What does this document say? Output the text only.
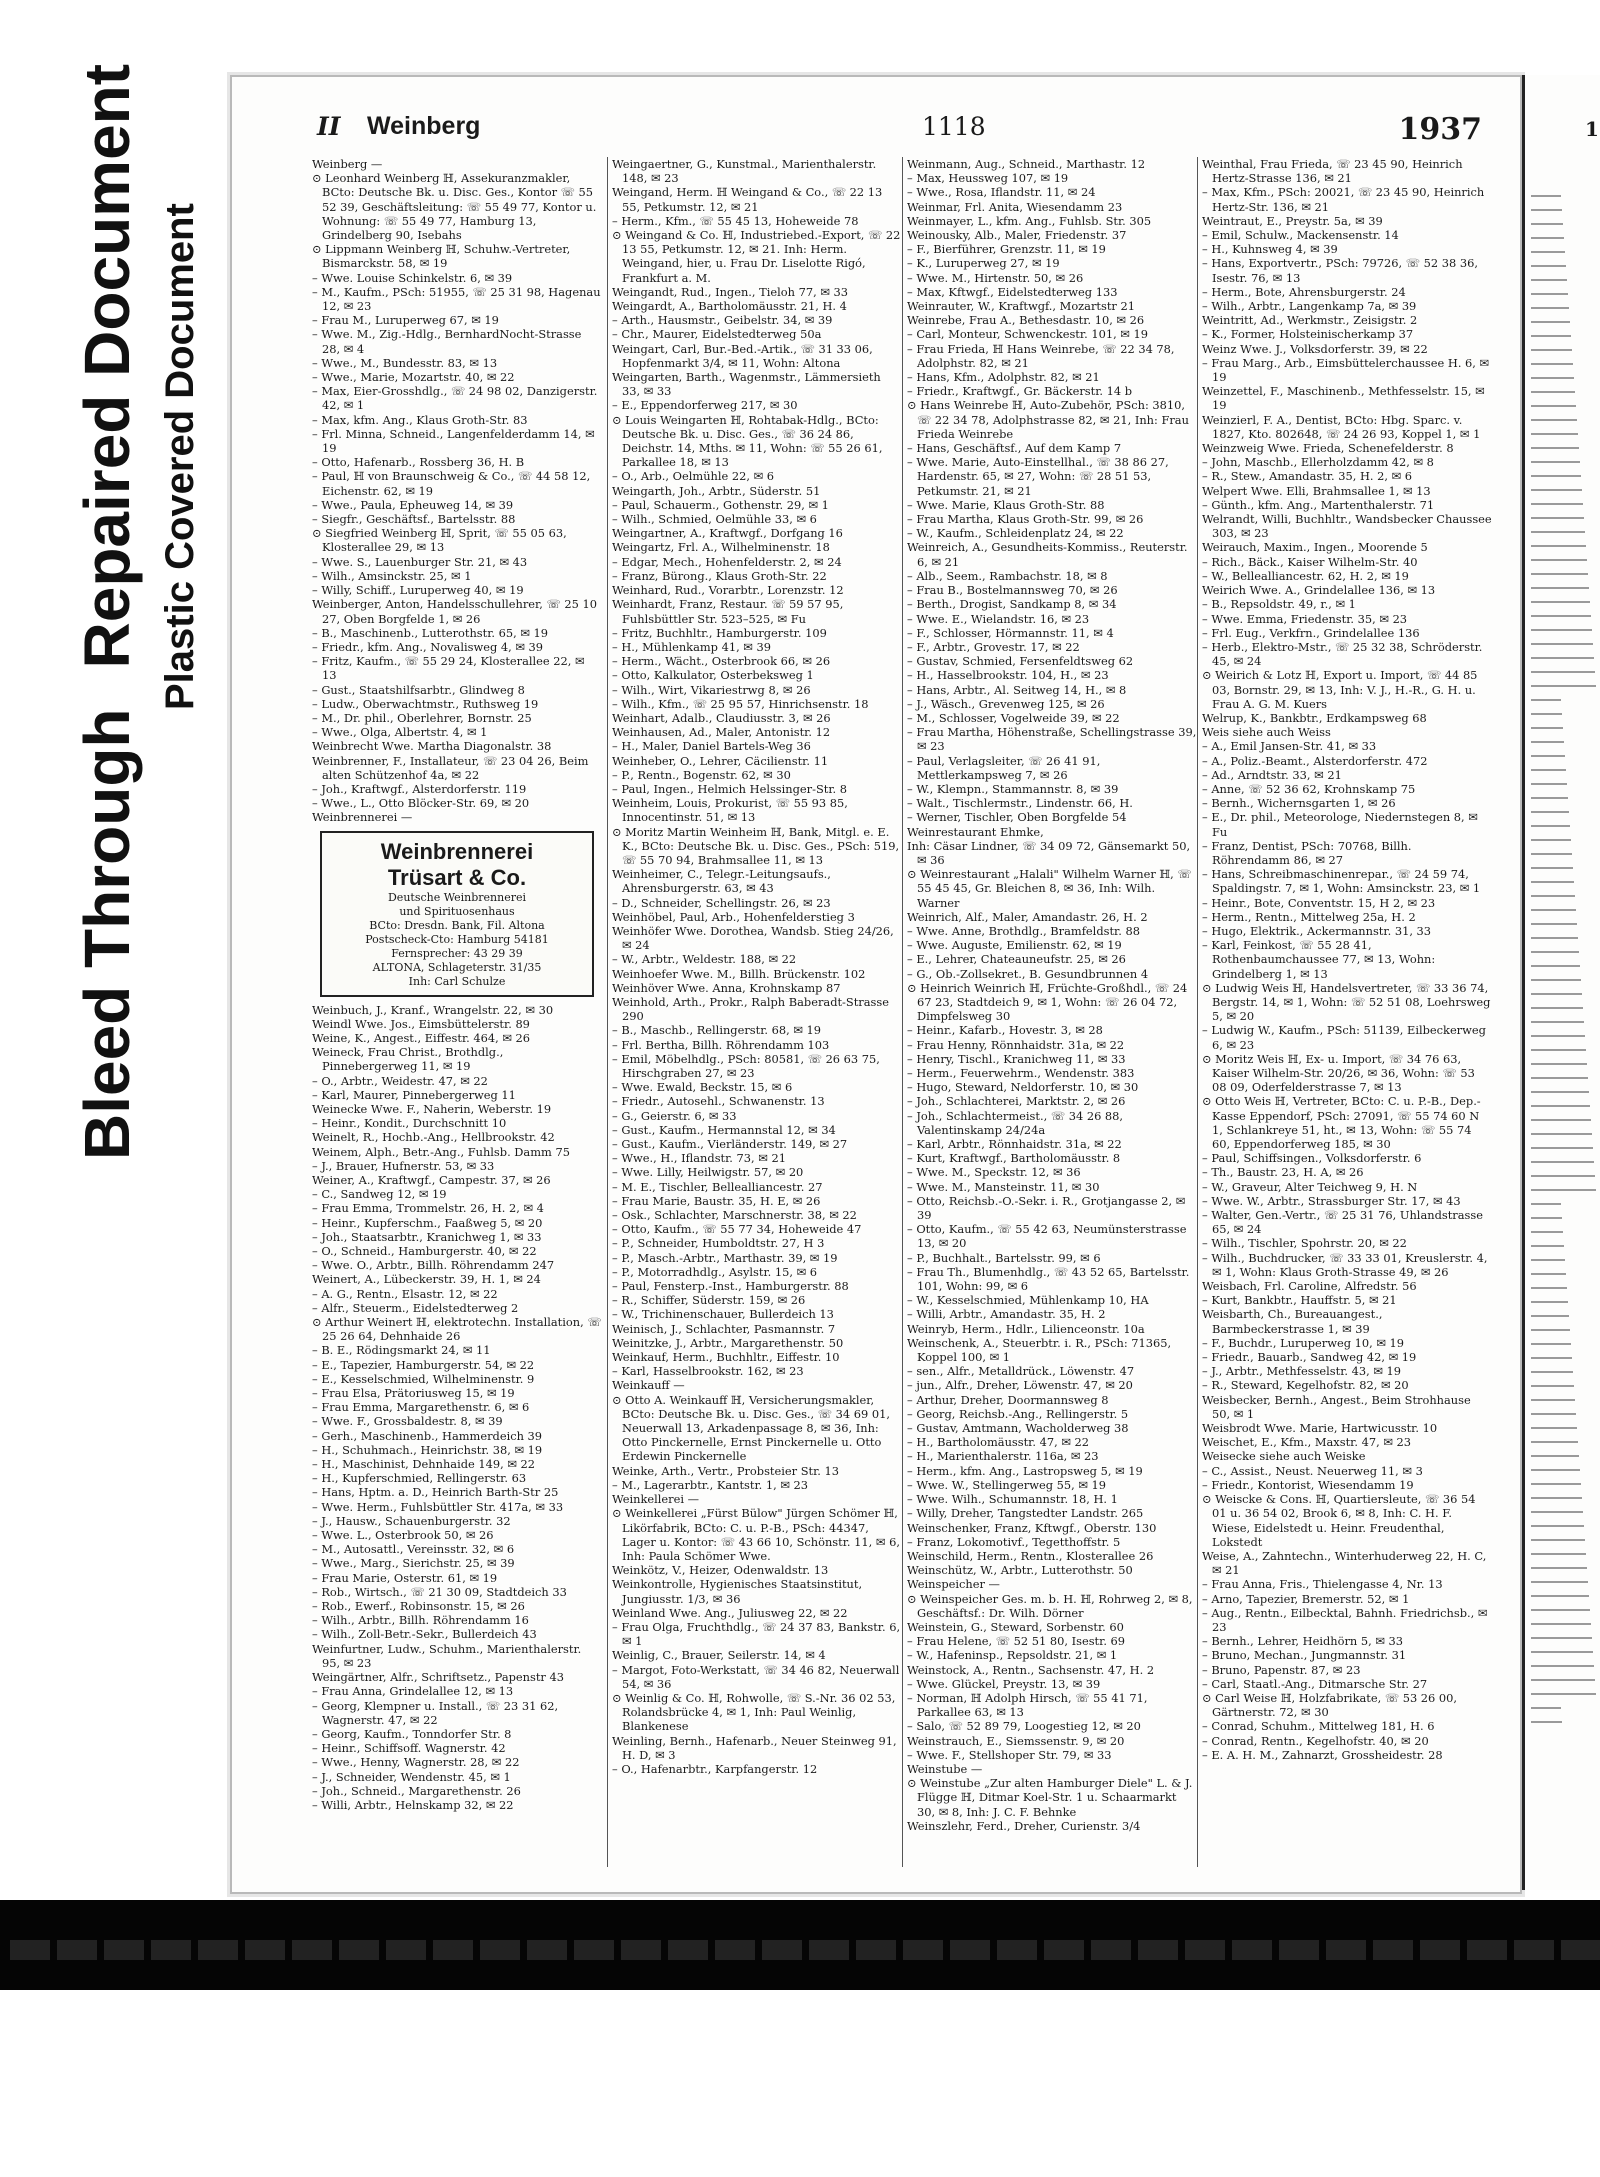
Bleed ThroughRepaired Document Plastic Covered Document
II Weinberg	1118	1937

Weinberg —

⊙ Leonhard Weinberg ℍ, Assekuranzmakler, BCto: Deutsche Bk. u. Disc. Ges., Kontor ☏ 55 52 39, Geschäftsleitung: ☏ 55 49 77, Kontor u. Wohnung: ☏ 55 49 77, Hamburg 13, Grindelberg 90, Isebahs

⊙ Lippmann Weinberg ℍ, Schuhw.-Vertreter, Bismarckstr. 58, ✉ 19

– Wwe. Louise Schinkelstr. 6, ✉ 39

– M., Kaufm., PSch: 51955, ☏ 25 31 98, Hagenau 12, ✉ 23

– Frau M., Luruperweg 67, ✉ 19

– Wwe. M., Zig.-Hdlg., BernhardNocht-Strasse 28, ✉ 4

– Wwe., M., Bundesstr. 83, ✉ 13

– Wwe., Marie, Mozartstr. 40, ✉ 22

– Max, Eier-Grosshdlg., ☏ 24 98 02, Danzigerstr. 42, ✉ 1

– Max, kfm. Ang., Klaus Groth-Str. 83

– Frl. Minna, Schneid., Langenfelderdamm 14, ✉ 19

– Otto, Hafenarb., Rossberg 36, H. B

– Paul, ℍ von Braunschweig & Co., ☏ 44 58 12, Eichenstr. 62, ✉ 19

– Wwe., Paula, Epheuweg 14, ✉ 39

– Siegfr., Geschäftsf., Bartelsstr. 88

⊙ Siegfried Weinberg ℍ, Sprit, ☏ 55 05 63, Klosterallee 29, ✉ 13

– Wwe. S., Lauenburger Str. 21, ✉ 43

– Wilh., Amsinckstr. 25, ✉ 1

– Willy, Schiff., Luruperweg 40, ✉ 19

Weinberger, Anton, Handelsschullehrer, ☏ 25 10 27, Oben Borgfelde 1, ✉ 26

– B., Maschinenb., Lutterothstr. 65, ✉ 19

– Friedr., kfm. Ang., Novalisweg 4, ✉ 39

– Fritz, Kaufm., ☏ 55 29 24, Klosterallee 22, ✉ 13

– Gust., Staatshilfsarbtr., Glindweg 8

– Ludw., Oberwachtmstr., Ruthsweg 19

– M., Dr. phil., Oberlehrer, Bornstr. 25

– Wwe., Olga, Albertstr. 4, ✉ 1

Weinbrecht Wwe. Martha Diagonalstr. 38

Weinbrenner, F., Installateur, ☏ 23 04 26, Beim alten Schützenhof 4a, ✉ 22

– Joh., Kraftwgf., Alsterdorferstr. 119

– Wwe., L., Otto Blöcker-Str. 69, ✉ 20

Weinbrennerei —

Weinbrennerei
Trüsart & Co.
Deutsche Weinbrennerei
und Spirituosenhaus
BCto: Dresdn. Bank, Fil. Altona
Postscheck-Cto: Hamburg 54181
Fernsprecher: 43 29 39
ALTONA, Schlageterstr. 31/35
Inh: Carl Schulze

Weinbuch, J., Kranf., Wrangelstr. 22, ✉ 30

Weindl Wwe. Jos., Eimsbüttelerstr. 89

Weine, K., Angest., Eiffestr. 464, ✉ 26

Weineck, Frau Christ., Brothdlg., Pinnebergerweg 11, ✉ 19

– O., Arbtr., Weidestr. 47, ✉ 22

– Karl, Maurer, Pinnebergerweg 11

Weinecke Wwe. F., Naherin, Weberstr. 19

– Heinr., Kondit., Durchschnitt 10

Weinelt, R., Hochb.-Ang., Hellbrookstr. 42

Weinem, Alph., Betr.-Ang., Fuhlsb. Damm 75

– J., Brauer, Hufnerstr. 53, ✉ 33

Weiner, A., Kraftwgf., Campestr. 37, ✉ 26

– C., Sandweg 12, ✉ 19

– Frau Emma, Trommelstr. 26, H. 2, ✉ 4

– Heinr., Kupferschm., Faaßweg 5, ✉ 20

– Joh., Staatsarbtr., Kranichweg 1, ✉ 33

– O., Schneid., Hamburgerstr. 40, ✉ 22

– Wwe. O., Arbtr., Billh. Röhrendamm 247

Weinert, A., Lübeckerstr. 39, H. 1, ✉ 24

– A. G., Rentn., Elsastr. 12, ✉ 22

– Alfr., Steuerm., Eidelstedterweg 2

⊙ Arthur Weinert ℍ, elektrotechn. Installation, ☏ 25 26 64, Dehnhaide 26

– B. E., Rödingsmarkt 24, ✉ 11

– E., Tapezier, Hamburgerstr. 54, ✉ 22

– E., Kesselschmied, Wilhelminenstr. 9

– Frau Elsa, Prätoriusweg 15, ✉ 19

– Frau Emma, Margarethenstr. 6, ✉ 6

– Wwe. F., Grossbaldestr. 8, ✉ 39

– Gerh., Maschinenb., Hammerdeich 39

– H., Schuhmach., Heinrichstr. 38, ✉ 19

– H., Maschinist, Dehnhaide 149, ✉ 22

– H., Kupferschmied, Rellingerstr. 63

– Hans, Hptm. a. D., Heinrich Barth-Str 25

– Wwe. Herm., Fuhlsbüttler Str. 417a, ✉ 33

– J., Hausw., Schauenburgerstr. 32

– Wwe. L., Osterbrook 50, ✉ 26

– M., Autosattl., Vereinsstr. 32, ✉ 6

– Wwe., Marg., Sierichstr. 25, ✉ 39

– Frau Marie, Osterstr. 61, ✉ 19

– Rob., Wirtsch., ☏ 21 30 09, Stadtdeich 33

– Rob., Ewerf., Robinsonstr. 15, ✉ 26

– Wilh., Arbtr., Billh. Röhrendamm 16

– Wilh., Zoll-Betr.-Sekr., Bullerdeich 43

Weinfurtner, Ludw., Schuhm., Marienthalerstr. 95, ✉ 23

Weingärtner, Alfr., Schriftsetz., Papenstr 43

– Frau Anna, Grindelallee 12, ✉ 13

– Georg, Klempner u. Install., ☏ 23 31 62, Wagnerstr. 47, ✉ 22

– Georg, Kaufm., Tonndorfer Str. 8

– Heinr., Schiffsoff. Wagnerstr. 42

– Wwe., Henny, Wagnerstr. 28, ✉ 22

– J., Schneider, Wendenstr. 45, ✉ 1

– Joh., Schneid., Margarethenstr. 26

– Willi, Arbtr., Helnskamp 32, ✉ 22

Weingaertner, G., Kunstmal., Marienthalerstr. 148, ✉ 23

Weingand, Herm. ℍ Weingand & Co., ☏ 22 13 55, Petkumstr. 12, ✉ 21

– Herm., Kfm., ☏ 55 45 13, Hoheweide 78

⊙ Weingand & Co. ℍ, Industriebed.-Export, ☏ 22 13 55, Petkumstr. 12, ✉ 21. Inh: Herm. Weingand, hier, u. Frau Dr. Liselotte Rigó, Frankfurt a. M.

Weingandt, Rud., Ingen., Tieloh 77, ✉ 33

Weingardt, A., Bartholomäusstr. 21, H. 4

– Arth., Hausmstr., Geibelstr. 34, ✉ 39

– Chr., Maurer, Eidelstedterweg 50a

Weingart, Carl, Bur.-Bed.-Artik., ☏ 31 33 06, Hopfenmarkt 3/4, ✉ 11, Wohn: Altona

Weingarten, Barth., Wagenmstr., Lämmersieth 33, ✉ 33

– E., Eppendorferweg 217, ✉ 30

⊙ Louis Weingarten ℍ, Rohtabak-Hdlg., BCto: Deutsche Bk. u. Disc. Ges., ☏ 36 24 86, Deichstr. 14, Mths. ✉ 11, Wohn: ☏ 55 26 61, Parkallee 18, ✉ 13

– O., Arb., Oelmühle 22, ✉ 6

Weingarth, Joh., Arbtr., Süderstr. 51

– Paul, Schauerm., Gothenstr. 29, ✉ 1

– Wilh., Schmied, Oelmühle 33, ✉ 6

Weingartner, A., Kraftwgf., Dorfgang 16

Weingartz, Frl. A., Wilhelminenstr. 18

– Edgar, Mech., Hohenfelderstr. 2, ✉ 24

– Franz, Bürong., Klaus Groth-Str. 22

Weinhard, Rud., Vorarbtr., Lorenzstr. 12

Weinhardt, Franz, Restaur. ☏ 59 57 95, Fuhlsbüttler Str. 523–525, ✉ Fu

– Fritz, Buchhltr., Hamburgerstr. 109

– H., Mühlenkamp 41, ✉ 39

– Herm., Wächt., Osterbrook 66, ✉ 26

– Otto, Kalkulator, Osterbeksweg 1

– Wilh., Wirt, Vikariestrwg 8, ✉ 26

– Wilh., Kfm., ☏ 25 95 57, Hinrichsenstr. 18

Weinhart, Adalb., Claudiusstr. 3, ✉ 26

Weinhausen, Ad., Maler, Antonistr. 12

– H., Maler, Daniel Bartels-Weg 36

Weinheber, O., Lehrer, Cäcilienstr. 11

– P., Rentn., Bogenstr. 62, ✉ 30

– Paul, Ingen., Helmich Helssinger-Str. 8

Weinheim, Louis, Prokurist, ☏ 55 93 85, Innocentinstr. 51, ✉ 13

⊙ Moritz Martin Weinheim ℍ, Bank, Mitgl. e. E. K., BCto: Deutsche Bk. u. Disc. Ges., PSch: 519, ☏ 55 70 94, Brahmsallee 11, ✉ 13

Weinheimer, C., Telegr.-Leitungsaufs., Ahrensburgerstr. 63, ✉ 43

– D., Schneider, Schellingstr. 26, ✉ 23

Weinhöbel, Paul, Arb., Hohenfelderstieg 3

Weinhöfer Wwe. Dorothea, Wandsb. Stieg 24/26, ✉ 24

– W., Arbtr., Weldestr. 188, ✉ 22

Weinhoefer Wwe. M., Billh. Brückenstr. 102

Weinhöver Wwe. Anna, Krohnskamp 87

Weinhold, Arth., Prokr., Ralph Baberadt-Strasse 290

– B., Maschb., Rellingerstr. 68, ✉ 19

– Frl. Bertha, Billh. Röhrendamm 103

– Emil, Möbelhdlg., PSch: 80581, ☏ 26 63 75, Hirschgraben 27, ✉ 23

– Wwe. Ewald, Beckstr. 15, ✉ 6

– Friedr., Autosehl., Schwanenstr. 13

– G., Geierstr. 6, ✉ 33

– Gust., Kaufm., Hermannstal 12, ✉ 34

– Gust., Kaufm., Vierländerstr. 149, ✉ 27

– Wwe., H., Iflandstr. 73, ✉ 21

– Wwe. Lilly, Heilwigstr. 57, ✉ 20

– M. E., Tischler, Bellealliancestr. 27

– Frau Marie, Baustr. 35, H. E, ✉ 26

– Osk., Schlachter, Marschnerstr. 38, ✉ 22

– Otto, Kaufm., ☏ 55 77 34, Hoheweide 47

– P., Schneider, Humboldtstr. 27, H 3

– P., Masch.-Arbtr., Marthastr. 39, ✉ 19

– P., Motorradhdlg., Asylstr. 15, ✉ 6

– Paul, Fensterp.-Inst., Hamburgerstr. 88

– R., Schiffer, Süderstr. 159, ✉ 26

– W., Trichinenschauer, Bullerdeich 13

Weinisch, J., Schlachter, Pasmannstr. 7

Weinitzke, J., Arbtr., Margarethenstr. 50

Weinkauf, Herm., Buchhltr., Eiffestr. 10

– Karl, Hasselbrookstr. 162, ✉ 23

Weinkauff —

⊙ Otto A. Weinkauff ℍ, Versicherungsmakler, BCto: Deutsche Bk. u. Disc. Ges., ☏ 34 69 01, Neuerwall 13, Arkadenpassage 8, ✉ 36, Inh: Otto Pinckernelle, Ernst Pinckernelle u. Otto Erdewin Pinckernelle

Weinke, Arth., Vertr., Probsteier Str. 13

– M., Lagerarbtr., Kantstr. 1, ✉ 23

Weinkellerei —

⊙ Weinkellerei „Fürst Bülow" Jürgen Schömer ℍ, Likörfabrik, BCto: C. u. P.-B., PSch: 44347, Lager u. Kontor: ☏ 43 66 10, Schönstr. 11, ✉ 6, Inh: Paula Schömer Wwe.

Weinkötz, V., Heizer, Odenwaldstr. 13

Weinkontrolle, Hygienisches Staatsinstitut, Jungiusstr. 1/3, ✉ 36

Weinland Wwe. Ang., Juliusweg 22, ✉ 22

– Frau Olga, Fruchthdlg., ☏ 24 37 83, Bankstr. 6, ✉ 1

Weinlig, C., Brauer, Seilerstr. 14, ✉ 4

– Margot, Foto-Werkstatt, ☏ 34 46 82, Neuerwall 54, ✉ 36

⊙ Weinlig & Co. ℍ, Rohwolle, ☏ S.-Nr. 36 02 53, Rolandsbrücke 4, ✉ 1, Inh: Paul Weinlig, Blankenese

Weinling, Bernh., Hafenarb., Neuer Steinweg 91, H. D, ✉ 3

– O., Hafenarbtr., Karpfangerstr. 12

Weinmann, Aug., Schneid., Marthastr. 12

– Max, Heussweg 107, ✉ 19

– Wwe., Rosa, Iflandstr. 11, ✉ 24

Weinmar, Frl. Anita, Wiesendamm 23

Weinmayer, L., kfm. Ang., Fuhlsb. Str. 305

Weinousky, Alb., Maler, Friedenstr. 37

– F., Bierführer, Grenzstr. 11, ✉ 19

– K., Luruperweg 27, ✉ 19

– Wwe. M., Hirtenstr. 50, ✉ 26

– Max, Kftwgf., Eidelstedterweg 133

Weinrauter, W., Kraftwgf., Mozartstr 21

Weinrebe, Frau A., Bethesdastr. 10, ✉ 26

– Carl, Monteur, Schwenckestr. 101, ✉ 19

– Frau Frieda, ℍ Hans Weinrebe, ☏ 22 34 78, Adolphstr. 82, ✉ 21

– Hans, Kfm., Adolphstr. 82, ✉ 21

– Friedr., Kraftwgf., Gr. Bäckerstr. 14 b

⊙ Hans Weinrebe ℍ, Auto-Zubehör, PSch: 3810, ☏ 22 34 78, Adolphstrasse 82, ✉ 21, Inh: Frau Frieda Weinrebe

– Hans, Geschäftsf., Auf dem Kamp 7

– Wwe. Marie, Auto-Einstellhal., ☏ 38 86 27, Hardenstr. 65, ✉ 27, Wohn: ☏ 28 51 53, Petkumstr. 21, ✉ 21

– Wwe. Marie, Klaus Groth-Str. 88

– Frau Martha, Klaus Groth-Str. 99, ✉ 26

– W., Kaufm., Schleidenplatz 24, ✉ 22

Weinreich, A., Gesundheits-Kommiss., Reuterstr. 6, ✉ 21

– Alb., Seem., Rambachstr. 18, ✉ 8

– Frau B., Bostelmannsweg 70, ✉ 26

– Berth., Drogist, Sandkamp 8, ✉ 34

– Wwe. E., Wielandstr. 16, ✉ 23

– F., Schlosser, Hörmannstr. 11, ✉ 4

– F., Arbtr., Grovestr. 17, ✉ 22

– Gustav, Schmied, Fersenfeldtsweg 62

– H., Hasselbrookstr. 104, H., ✉ 23

– Hans, Arbtr., Al. Seitweg 14, H., ✉ 8

– J., Wäsch., Grevenweg 125, ✉ 26

– M., Schlosser, Vogelweide 39, ✉ 22

– Frau Martha, Höhenstraße, Schellingstrasse 39, ✉ 23

– Paul, Verlagsleiter, ☏ 26 41 91, Mettlerkampsweg 7, ✉ 26

– W., Klempn., Stammannstr. 8, ✉ 39

– Walt., Tischlermstr., Lindenstr. 66, H.

– Werner, Tischler, Oben Borgfelde 54

Weinrestaurant Ehmke,

Inh: Cäsar Lindner, ☏ 34 09 72, Gänsemarkt 50, ✉ 36

⊙ Weinrestaurant „Halali" Wilhelm Warner ℍ, ☏ 55 45 45, Gr. Bleichen 8, ✉ 36, Inh: Wilh. Warner

Weinrich, Alf., Maler, Amandastr. 26, H. 2

– Wwe. Anne, Brothdlg., Bramfeldstr. 88

– Wwe. Auguste, Emilienstr. 62, ✉ 19

– E., Lehrer, Chateauneufstr. 25, ✉ 26

– G., Ob.-Zollsekret., B. Gesundbrunnen 4

⊙ Heinrich Weinrich ℍ, Früchte-Großhdl., ☏ 24 67 23, Stadtdeich 9, ✉ 1, Wohn: ☏ 26 04 72, Dimpfelsweg 30

– Heinr., Kafarb., Hovestr. 3, ✉ 28

– Frau Henny, Rönnhaidstr. 31a, ✉ 22

– Henry, Tischl., Kranichweg 11, ✉ 33

– Herm., Feuerwehrm., Wendenstr. 383

– Hugo, Steward, Neldorferstr. 10, ✉ 30

– Joh., Schlachterei, Marktstr. 2, ✉ 26

– Joh., Schlachtermeist., ☏ 34 26 88, Valentinskamp 24/24a

– Karl, Arbtr., Rönnhaidstr. 31a, ✉ 22

– Kurt, Kraftwgf., Bartholomäusstr. 8

– Wwe. M., Speckstr. 12, ✉ 36

– Wwe. M., Mansteinstr. 11, ✉ 30

– Otto, Reichsb.-O.-Sekr. i. R., Grotjangasse 2, ✉ 39

– Otto, Kaufm., ☏ 55 42 63, Neumünsterstrasse 13, ✉ 20

– P., Buchhalt., Bartelsstr. 99, ✉ 6

– Frau Th., Blumenhdlg., ☏ 43 52 65, Bartelsstr. 101, Wohn: 99, ✉ 6

– W., Kesselschmied, Mühlenkamp 10, HA

– Willi, Arbtr., Amandastr. 35, H. 2

Weinryb, Herm., Hdlr., Lilienceonstr. 10a

Weinschenk, A., Steuerbtr. i. R., PSch: 71365, Koppel 100, ✉ 1

– sen., Alfr., Metalldrück., Löwenstr. 47

– jun., Alfr., Dreher, Löwenstr. 47, ✉ 20

– Arthur, Dreher, Doormannsweg 8

– Georg, Reichsb.-Ang., Rellingerstr. 5

– Gustav, Amtmann, Wacholderweg 38

– H., Bartholomäusstr. 47, ✉ 22

– H., Marienthalerstr. 116a, ✉ 23

– Herm., kfm. Ang., Lastropsweg 5, ✉ 19

– Wwe. W., Stellingerweg 55, ✉ 19

– Wwe. Wilh., Schumannstr. 18, H. 1

– Willy, Dreher, Tangstedter Landstr. 265

Weinschenker, Franz, Kftwgf., Oberstr. 130

– Franz, Lokomotivf., Tegetthoffstr. 5

Weinschild, Herm., Rentn., Klosterallee 26

Weinschütz, W., Arbtr., Lutterothstr. 50

Weinspeicher —

⊙ Weinspeicher Ges. m. b. H. ℍ, Rohrweg 2, ✉ 8, Geschäftsf.: Dr. Wilh. Dörner

Weinstein, G., Steward, Sorbenstr. 60

– Frau Helene, ☏ 52 51 80, Isestr. 69

– W., Hafeninsp., Repsoldstr. 21, ✉ 1

Weinstock, A., Rentn., Sachsenstr. 47, H. 2

– Wwe. Glückel, Preystr. 13, ✉ 39

– Norman, ℍ Adolph Hirsch, ☏ 55 41 71, Parkallee 63, ✉ 13

– Salo, ☏ 52 89 79, Loogestieg 12, ✉ 20

Weinstrauch, E., Siemssenstr. 9, ✉ 20

– Wwe. F., Stellshoper Str. 79, ✉ 33

Weinstube —

⊙ Weinstube „Zur alten Hamburger Diele" L. & J. Flügge ℍ, Ditmar Koel-Str. 1 u. Schaarmarkt 30, ✉ 8, Inh: J. C. F. Behnke

Weinszlehr, Ferd., Dreher, Curienstr. 3/4

Weinthal, Frau Frieda, ☏ 23 45 90, Heinrich Hertz-Strasse 136, ✉ 21

– Max, Kfm., PSch: 20021, ☏ 23 45 90, Heinrich Hertz-Str. 136, ✉ 21

Weintraut, E., Preystr. 5a, ✉ 39

– Emil, Schulw., Mackensenstr. 14

– H., Kuhnsweg 4, ✉ 39

– Hans, Exportvertr., PSch: 79726, ☏ 52 38 36, Isestr. 76, ✉ 13

– Herm., Bote, Ahrensburgerstr. 24

– Wilh., Arbtr., Langenkamp 7a, ✉ 39

Weintritt, Ad., Werkmstr., Zeisigstr. 2

– K., Former, Holsteinischerkamp 37

Weinz Wwe. J., Volksdorferstr. 39, ✉ 22

– Frau Marg., Arb., Eimsbüttelerchaussee H. 6, ✉ 19

Weinzettel, F., Maschinenb., Methfesselstr. 15, ✉ 19

Weinzierl, F. A., Dentist, BCto: Hbg. Sparc. v. 1827, Kto. 802648, ☏ 24 26 93, Koppel 1, ✉ 1

Weinzweig Wwe. Frieda, Schenefelderstr. 8

– John, Maschb., Ellerholzdamm 42, ✉ 8

– R., Stew., Amandastr. 35, H. 2, ✉ 6

Welpert Wwe. Elli, Brahmsallee 1, ✉ 13

– Günth., kfm. Ang., Martenthalerstr. 71

Welrandt, Willi, Buchhltr., Wandsbecker Chaussee 303, ✉ 23

Weirauch, Maxim., Ingen., Moorende 5

– Rich., Bäck., Kaiser Wilhelm-Str. 40

– W., Bellealliancestr. 62, H. 2, ✉ 19

Weirich Wwe. A., Grindelallee 136, ✉ 13

– B., Repsoldstr. 49, r., ✉ 1

– Wwe. Emma, Friedenstr. 35, ✉ 23

– Frl. Eug., Verkfrn., Grindelallee 136

– Herb., Elektro-Mstr., ☏ 25 32 38, Schröderstr. 45, ✉ 24

⊙ Weirich & Lotz ℍ, Export u. Import, ☏ 44 85 03, Bornstr. 29, ✉ 13, Inh: V. J., H.-R., G. H. u. Frau A. G. M. Kuers

Welrup, K., Bankbtr., Erdkampsweg 68

Weis siehe auch Weiss

– A., Emil Jansen-Str. 41, ✉ 33

– A., Poliz.-Beamt., Alsterdorferstr. 472

– Ad., Arndtstr. 33, ✉ 21

– Anne, ☏ 52 36 62, Krohnskamp 75

– Bernh., Wichernsgarten 1, ✉ 26

– E., Dr. phil., Meteorologe, Niedernstegen 8, ✉ Fu

– Franz, Dentist, PSch: 70768, Billh. Röhrendamm 86, ✉ 27

– Hans, Schreibmaschinenrepar., ☏ 24 59 74, Spaldingstr. 7, ✉ 1, Wohn: Amsinckstr. 23, ✉ 1

– Heinr., Bote, Conventstr. 15, H 2, ✉ 23

– Herm., Rentn., Mittelweg 25a, H. 2

– Hugo, Elektrik., Ackermannstr. 31, 33

– Karl, Feinkost, ☏ 55 28 41, Rothenbaumchaussee 77, ✉ 13, Wohn: Grindelberg 1, ✉ 13

⊙ Ludwig Weis ℍ, Handelsvertreter, ☏ 33 36 74, Bergstr. 14, ✉ 1, Wohn: ☏ 52 51 08, Loehrsweg 5, ✉ 20

– Ludwig W., Kaufm., PSch: 51139, Eilbeckerweg 6, ✉ 23

⊙ Moritz Weis ℍ, Ex- u. Import, ☏ 34 76 63, Kaiser Wilhelm-Str. 20/26, ✉ 36, Wohn: ☏ 53 08 09, Oderfelderstrasse 7, ✉ 13

⊙ Otto Weis ℍ, Vertreter, BCto: C. u. P.-B., Dep.-Kasse Eppendorf, PSch: 27091, ☏ 55 74 60 N 1, Schlankreye 51, ht., ✉ 13, Wohn: ☏ 55 74 60, Eppendorferweg 185, ✉ 30

– Paul, Schiffsingen., Volksdorferstr. 6

– Th., Baustr. 23, H. A, ✉ 26

– W., Graveur, Alter Teichweg 9, H. N

– Wwe. W., Arbtr., Strassburger Str. 17, ✉ 43

– Walter, Gen.-Vertr., ☏ 25 31 76, Uhlandstrasse 65, ✉ 24

– Wilh., Tischler, Spohrstr. 20, ✉ 22

– Wilh., Buchdrucker, ☏ 33 33 01, Kreuslerstr. 4, ✉ 1, Wohn: Klaus Groth-Strasse 49, ✉ 26

Weisbach, Frl. Caroline, Alfredstr. 56

– Kurt, Bankbtr., Hauffstr. 5, ✉ 21

Weisbarth, Ch., Bureauangest., Barmbeckerstrasse 1, ✉ 39

– F., Buchdr., Luruperweg 10, ✉ 19

– Friedr., Bauarb., Sandweg 42, ✉ 19

– J., Arbtr., Methfesselstr. 43, ✉ 19

– R., Steward, Kegelhofstr. 82, ✉ 20

Weisbecker, Bernh., Angest., Beim Strohhause 50, ✉ 1

Weisbrodt Wwe. Marie, Hartwicusstr. 10

Weischet, E., Kfm., Maxstr. 47, ✉ 23

Weisecke siehe auch Weiske

– C., Assist., Neust. Neuerweg 11, ✉ 3

– Friedr., Kontorist, Wiesendamm 19

⊙ Weiscke & Cons. ℍ, Quartiersleute, ☏ 36 54 01 u. 36 54 02, Brook 6, ✉ 8, Inh: C. H. F. Wiese, Eidelstedt u. Heinr. Freudenthal, Lokstedt

Weise, A., Zahntechn., Winterhuderweg 22, H. C, ✉ 21

– Frau Anna, Fris., Thielengasse 4, Nr. 13

– Arno, Tapezier, Bremerstr. 52, ✉ 1

– Aug., Rentn., Eilbecktal, Bahnh. Friedrichsb., ✉ 23

– Bernh., Lehrer, Heidhörn 5, ✉ 33

– Bruno, Mechan., Jungmannstr. 31

– Bruno, Papenstr. 87, ✉ 23

– Carl, Staatl.-Ang., Ditmarsche Str. 27

⊙ Carl Weise ℍ, Holzfabrikate, ☏ 53 26 00, Gärtnerstr. 72, ✉ 30

– Conrad, Schuhm., Mittelweg 181, H. 6

– Conrad, Rentn., Kegelhofstr. 40, ✉ 20

– E. A. H. M., Zahnarzt, Grossheidestr. 28

1
